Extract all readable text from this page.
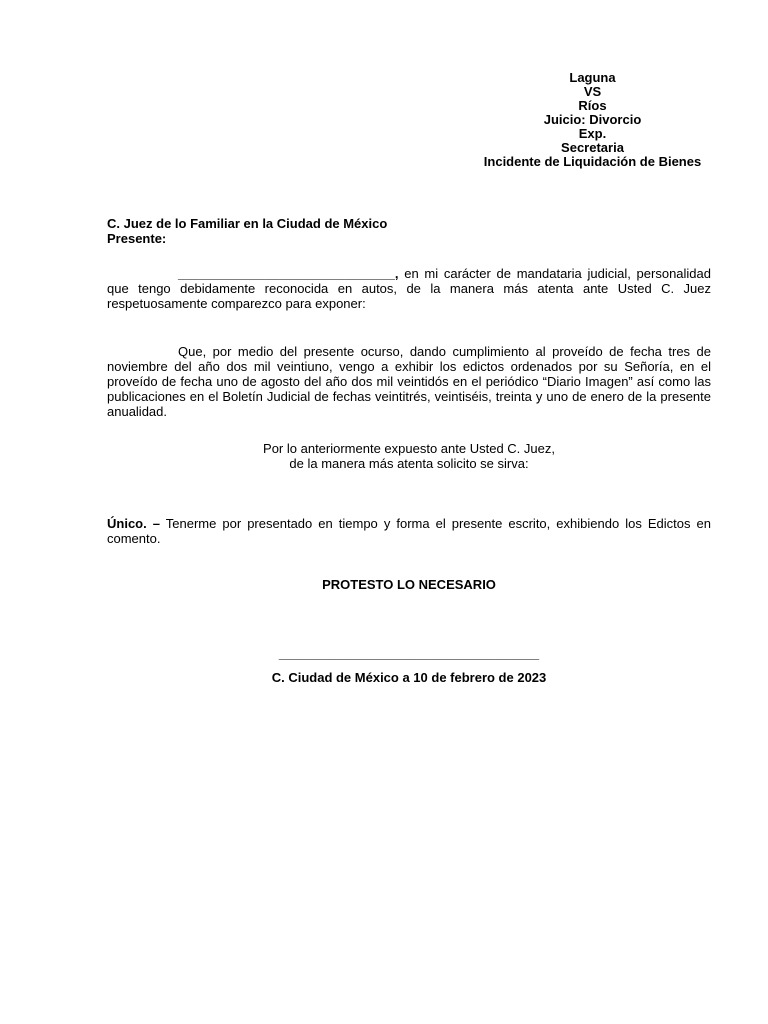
Laguna
VS
Ríos
Juicio: Divorcio
Exp.
Secretaria
Incidente de Liquidación de Bienes
C. Juez de lo Familiar en la Ciudad de México
Presente:
______________________________, en mi carácter de mandataria judicial, personalidad que tengo debidamente reconocida en autos, de la manera más atenta ante Usted C. Juez respetuosamente comparezco para exponer:
Que, por medio del presente ocurso, dando cumplimiento al proveído de fecha tres de noviembre del año dos mil veintiuno, vengo a exhibir los edictos ordenados por su Señoría, en el proveído de fecha uno de agosto del año dos mil veintidós en el periódico “Diario Imagen” así como las publicaciones en el Boletín Judicial de fechas veintitrés, veintiséis, treinta y uno de enero de la presente anualidad.
Por lo anteriormente expuesto ante Usted C. Juez,
de la manera más atenta solicito se sirva:
Único. – Tenerme por presentado en tiempo y forma el presente escrito, exhibiendo los Edictos en comento.
PROTESTO LO NECESARIO
____________________________________
C. Ciudad de México a 10 de febrero de 2023
